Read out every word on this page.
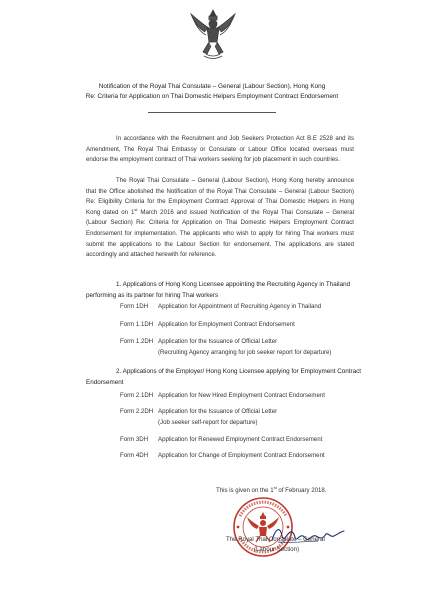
Notification of the Royal Thai Consulate – General (Labour Section), Hong Kong
Re: Criteria for Application on Thai Domestic Helpers Employment Contract Endorsement
In accordance with the Recruitment and Job Seekers Protection Act B.E 2528 and its Amendment, The Royal Thai Embassy or Consulate or Labour Office located overseas must endorse the employment contract of Thai workers seeking for job placement in such countries.
The Royal Thai Consulate – General (Labour Section), Hong Kong hereby announce that the Office abolished the Notification of the Royal Thai Consulate – General (Labour Section) Re: Eligibility Criteria for the Employment Contract Approval of Thai Domestic Helpers in Hong Kong dated on 1st March 2016 and issued Notification of the Royal Thai Consulate – General (Labour Section) Re: Criteria for Application on Thai Domestic Helpers Employment Contract Endorsement for implementation. The applicants who wish to apply for hiring Thai workers must submit the applications to the Labour Section for endorsement. The applications are stated accordingly and attached herewith for reference.
1. Applications of Hong Kong Licensee appointing the Recruiting Agency in Thailand performing as its partner for hiring Thai workers
Form 1DH Application for Appointment of Recruiting Agency in Thailand
Form 1.1DH Application for Employment Contract Endorsement
Form 1.2DH Application for the Issuance of Official Letter
(Recruiting Agency arranging for job seeker report for departure)
2. Applications of the Employer/ Hong Kong Licensee applying for Employment Contract Endorsement
Form 2.1DH Application for New Hired Employment Contract Endorsement
Form 2.2DH Application for the Issuance of Official Letter
(Job seeker self-report for departure)
Form 3DH Application for Renewed Employment Contract Endorsement
Form 4DH Application for Change of Employment Contract Endorsement
This is given on the 1st of February 2018.
The Royal Thai Consulate – General
(Labour Section)
